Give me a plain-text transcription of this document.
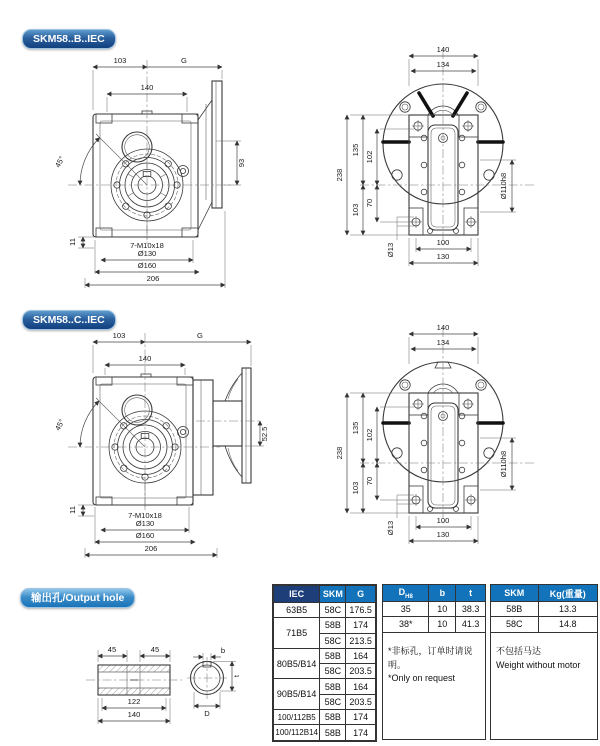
SKM58..B..IEC
SKM58..C..IEC
输出孔/Output hole
103	G
140
93
45°
11	7-M10x18
Ø130
Ø160
206
140
134
238
135
102
103
70
Ø13
100
130
Ø110h8
103	G
140
52.5
45°
11
7-M10x18
Ø130
Ø160
206
140
134
238
135
102
103
70
Ø13
100
130
Ø110h8
45	45
122
140
b
t
D
IEC	SKM	G
63B5	58C	176.5
71B5	58B	174
	58C	213.5
80B5/B14	58B	164
	58C	203.5
90B5/B14	58B	164
	58C	203.5
100/112B5	58B	174
100/112B14	58B	174
$D_{H8}$	b	t
35	10	38.3
38*	10	41.3
*非标孔，订单时请说明。
*Only on request
SKM	Kg(重量)
58B	13.3
58C	14.8
不包括马达
Weight without motor
